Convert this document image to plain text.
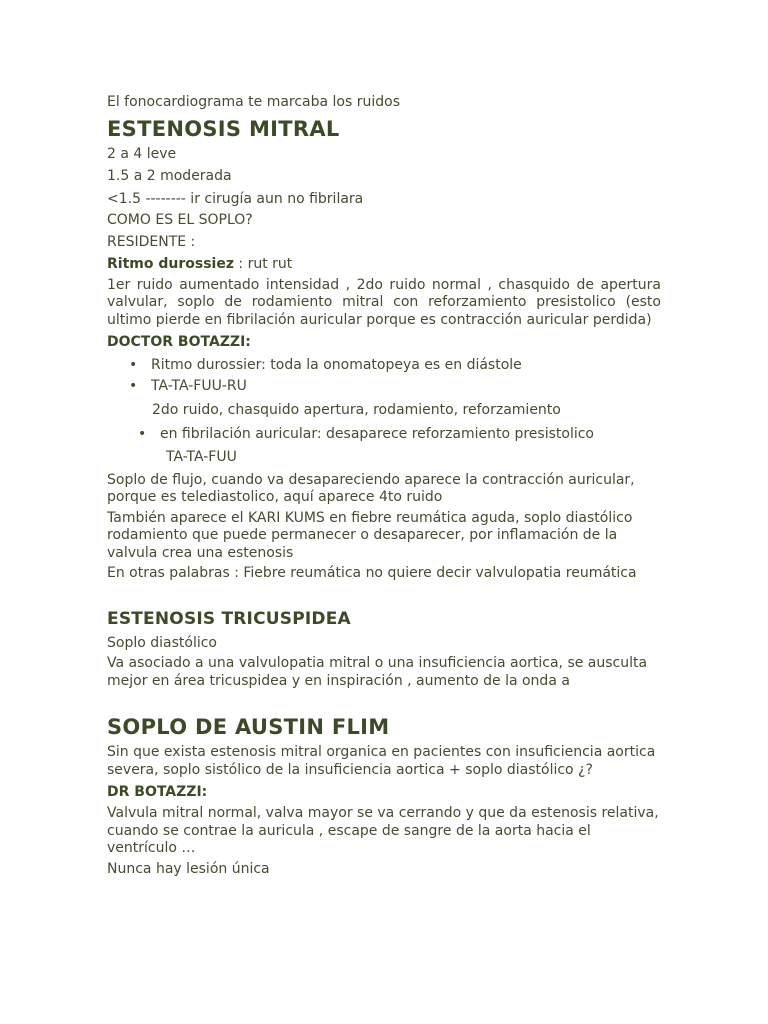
El fonocardiograma te marcaba los ruidos

ESTENOSIS MITRAL

2 a 4 leve

1.5 a 2 moderada

<1.5 -------- ir cirugía aun no fibrilara

COMO ES EL SOPLO?

RESIDENTE :

Ritmo durossiez : rut rut

1er ruido aumentado intensidad , 2do ruido normal , chasquido de apertura valvular, soplo de rodamiento mitral con reforzamiento presistolico (esto ultimo pierde en fibrilación auricular porque es contracción auricular perdida)

DOCTOR BOTAZZI:

• Ritmo durossier: toda la onomatopeya es en diástole
• TA-TA-FUU-RU

2do ruido, chasquido apertura, rodamiento, reforzamiento

• en fibrilación auricular: desaparece reforzamiento presistolico

TA-TA-FUU

Soplo de flujo, cuando va desapareciendo aparece la contracción auricular, porque es telediastolico, aquí aparece 4to ruido

También aparece el KARI KUMS en fiebre reumática aguda, soplo diastólico rodamiento que puede permanecer o desaparecer, por inflamación de la valvula crea una estenosis

En otras palabras : Fiebre reumática no quiere decir valvulopatia reumática

ESTENOSIS TRICUSPIDEA

Soplo diastólico

Va asociado a una valvulopatia mitral o una insuficiencia aortica, se ausculta mejor en área tricuspidea y en inspiración , aumento de la onda a

SOPLO DE AUSTIN FLIM

Sin que exista estenosis mitral organica en pacientes con insuficiencia aortica severa, soplo sistólico de la insuficiencia aortica + soplo diastólico ¿?

DR BOTAZZI:

Valvula mitral normal, valva mayor se va cerrando y que da estenosis relativa, cuando se contrae la auricula , escape de sangre de la aorta hacia el ventrículo …

Nunca hay lesión única
